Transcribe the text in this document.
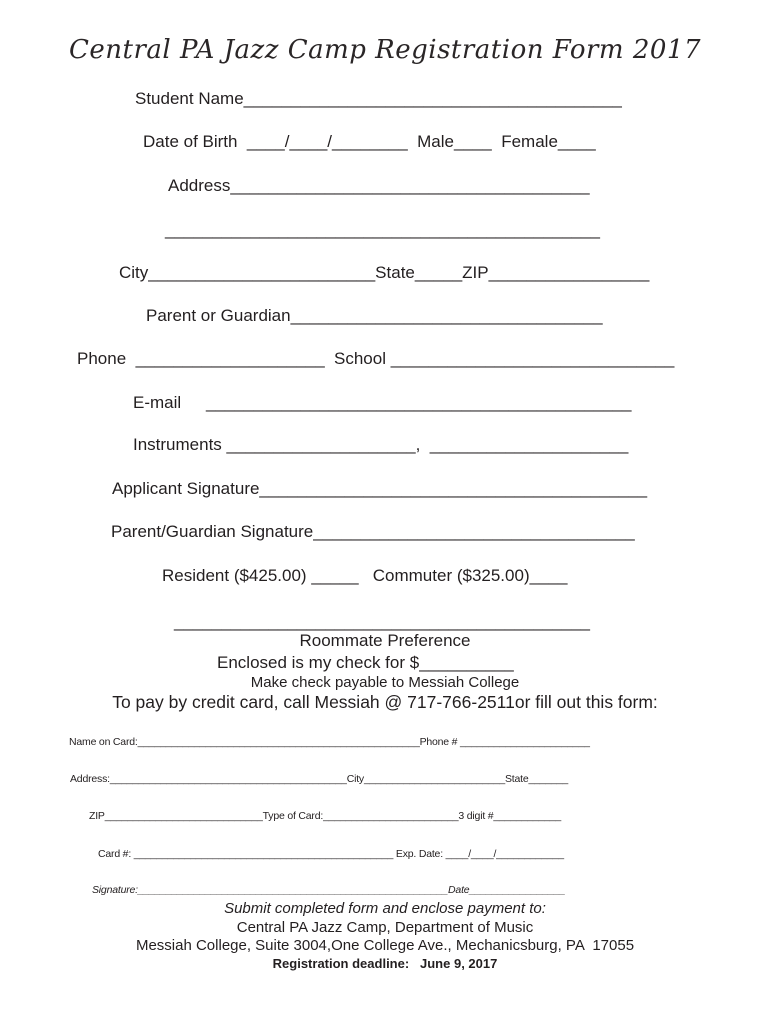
Central PA Jazz Camp Registration Form 2017
Student Name________________________________________
Date of Birth  ____/____/________  Male____  Female____
Address______________________________________
______________________________________________
City________________________State_____ZIP_________________
Parent or Guardian_________________________________
Phone  ____________________ School ______________________________
E-mail _____________________________________________
Instruments ____________________,  _____________________
Applicant Signature_________________________________________
Parent/Guardian Signature__________________________________
Resident ($425.00) _____   Commuter ($325.00)____
____________________________________________
Roommate Preference
Enclosed is my check for $__________
Make check payable to Messiah College
To pay by credit card, call Messiah @ 717-766-2511or fill out this form:
Name on Card:__________________________________________________Phone # _______________________
Address:__________________________________________City_________________________State_______
ZIP____________________________Type of Card:________________________3 digit #____________
Card #: ______________________________________________ Exp. Date: ____/____/____________
Signature:_______________________________________________________Date_________________
Submit completed form and enclose payment to:
Central PA Jazz Camp, Department of Music
Messiah College, Suite 3004,One College Ave., Mechanicsburg, PA  17055
Registration deadline:   June 9, 2017
